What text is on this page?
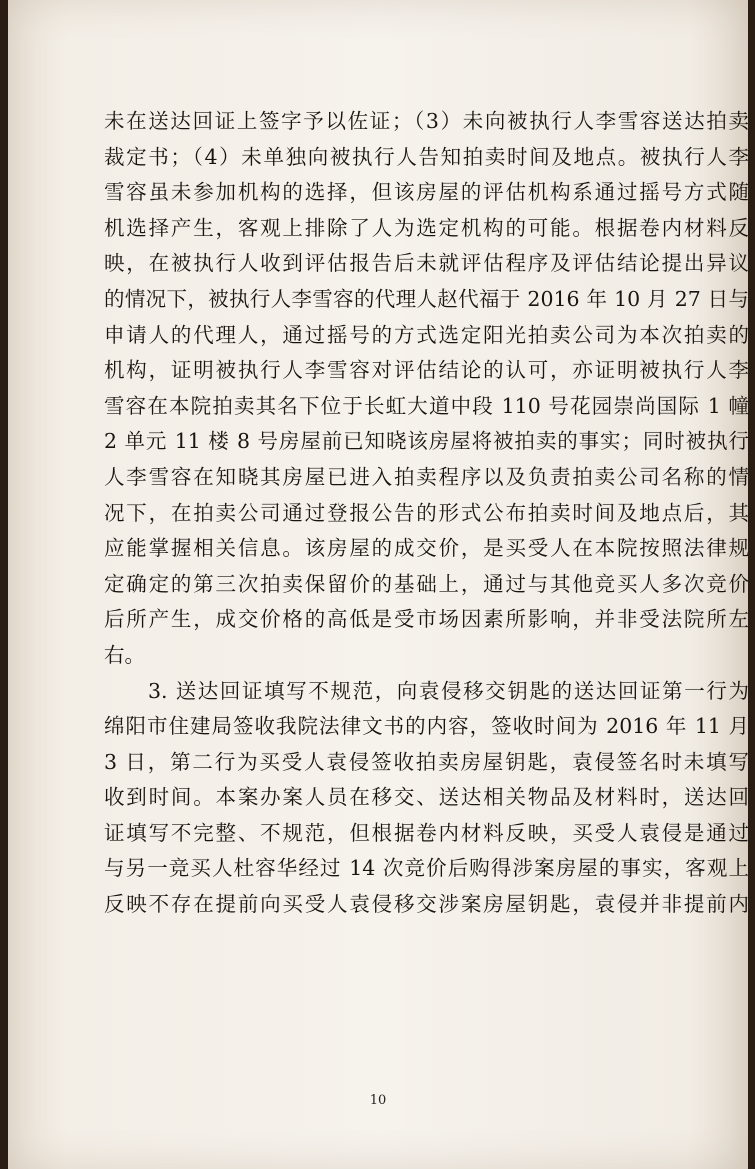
未在送达回证上签字予以佐证；（3）未向被执行人李雪容送达拍卖
裁定书；（4）未单独向被执行人告知拍卖时间及地点。被执行人李
雪容虽未参加机构的选择，但该房屋的评估机构系通过摇号方式随
机选择产生，客观上排除了人为选定机构的可能。根据卷内材料反
映，在被执行人收到评估报告后未就评估程序及评估结论提出异议
的情况下，被执行人李雪容的代理人赵代福于 2016 年 10 月 27 日与
申请人的代理人，通过摇号的方式选定阳光拍卖公司为本次拍卖的
机构，证明被执行人李雪容对评估结论的认可，亦证明被执行人李
雪容在本院拍卖其名下位于长虹大道中段 110 号花园崇尚国际 1 幢
2 单元 11 楼 8 号房屋前已知晓该房屋将被拍卖的事实；同时被执行
人李雪容在知晓其房屋已进入拍卖程序以及负责拍卖公司名称的情
况下，在拍卖公司通过登报公告的形式公布拍卖时间及地点后，其
应能掌握相关信息。该房屋的成交价，是买受人在本院按照法律规
定确定的第三次拍卖保留价的基础上，通过与其他竞买人多次竞价
后所产生，成交价格的高低是受市场因素所影响，并非受法院所左
右。
3. 送达回证填写不规范，向袁侵移交钥匙的送达回证第一行为
绵阳市住建局签收我院法律文书的内容，签收时间为 2016 年 11 月
3 日，第二行为买受人袁侵签收拍卖房屋钥匙，袁侵签名时未填写
收到时间。本案办案人员在移交、送达相关物品及材料时，送达回
证填写不完整、不规范，但根据卷内材料反映，买受人袁侵是通过
与另一竞买人杜容华经过 14 次竞价后购得涉案房屋的事实，客观上
反映不存在提前向买受人袁侵移交涉案房屋钥匙，袁侵并非提前内
10
